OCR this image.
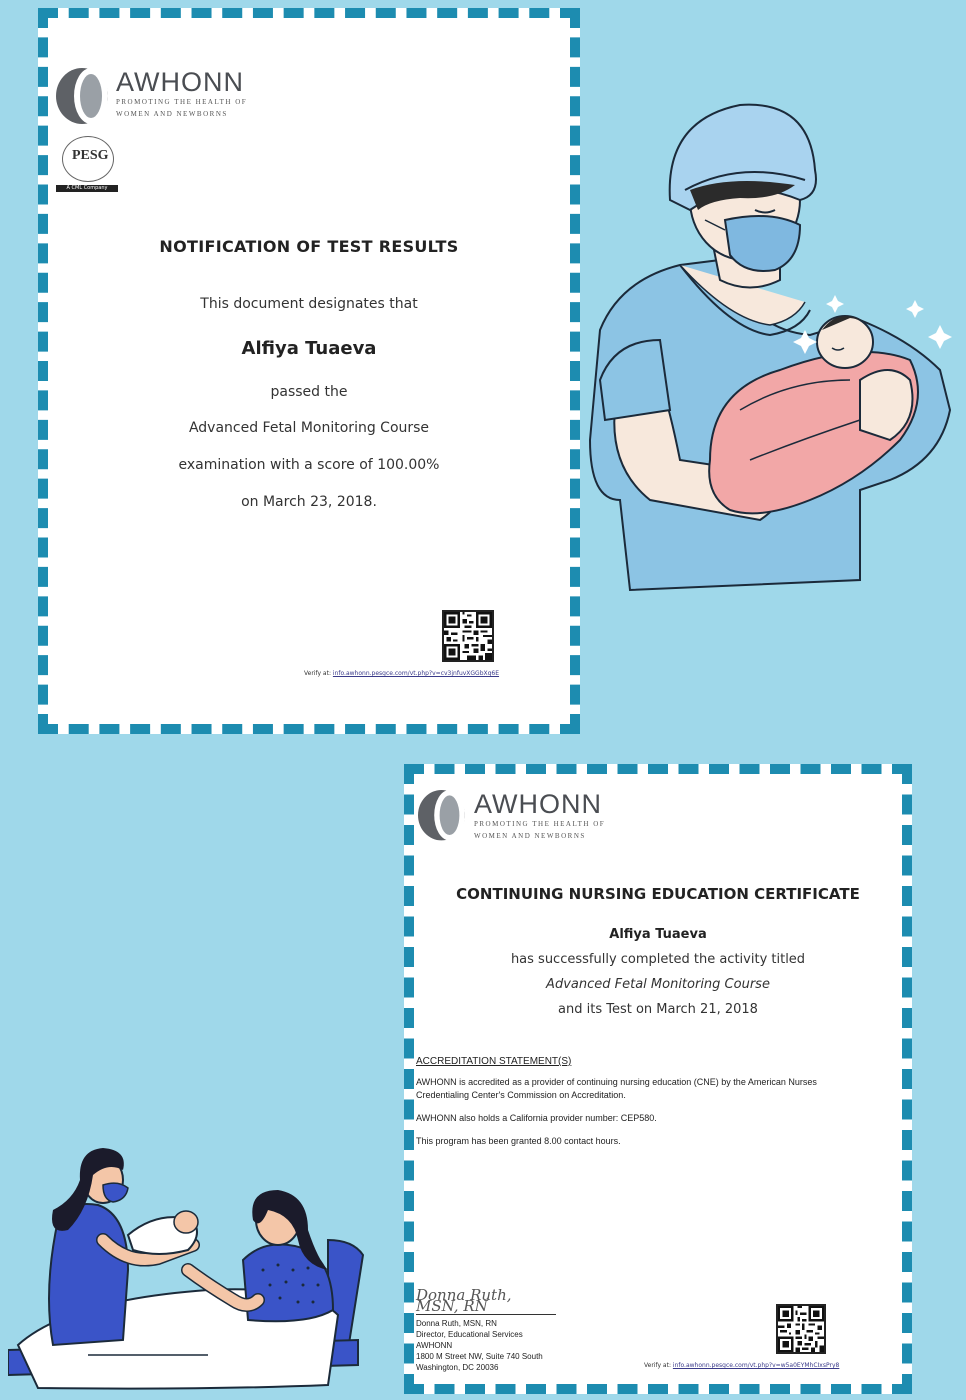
AWHONN
PROMOTING THE HEALTH OF
WOMEN AND NEWBORNS
PESG
A CML Company
NOTIFICATION OF TEST RESULTS
This document designates that
Alfiya Tuaeva
passed the
Advanced Fetal Monitoring Course
examination with a score of 100.00%
on March 23, 2018.
Verify at: info.awhonn.pesgce.com/vt.php?v=cv3jnfuvXGGbXq6E
AWHONN
PROMOTING THE HEALTH OF
WOMEN AND NEWBORNS
CONTINUING NURSING EDUCATION CERTIFICATE
Alfiya Tuaeva
has successfully completed the activity titled
Advanced Fetal Monitoring Course
and its Test on March 21, 2018
ACCREDITATION STATEMENT(S)

AWHONN is accredited as a provider of continuing nursing education (CNE) by the American Nurses Credentialing Center's Commission on Accreditation.

AWHONN also holds a California provider number: CEP580.

This program has been granted 8.00 contact hours.

Donna Ruth, MSN, RN
Donna Ruth, MSN, RN
Director, Educational Services
AWHONN
1800 M Street NW, Suite 740 South
Washington, DC 20036	Verify at: info.awhonn.pesgce.com/vt.php?v=w5a0EYMhCIxsPry8
